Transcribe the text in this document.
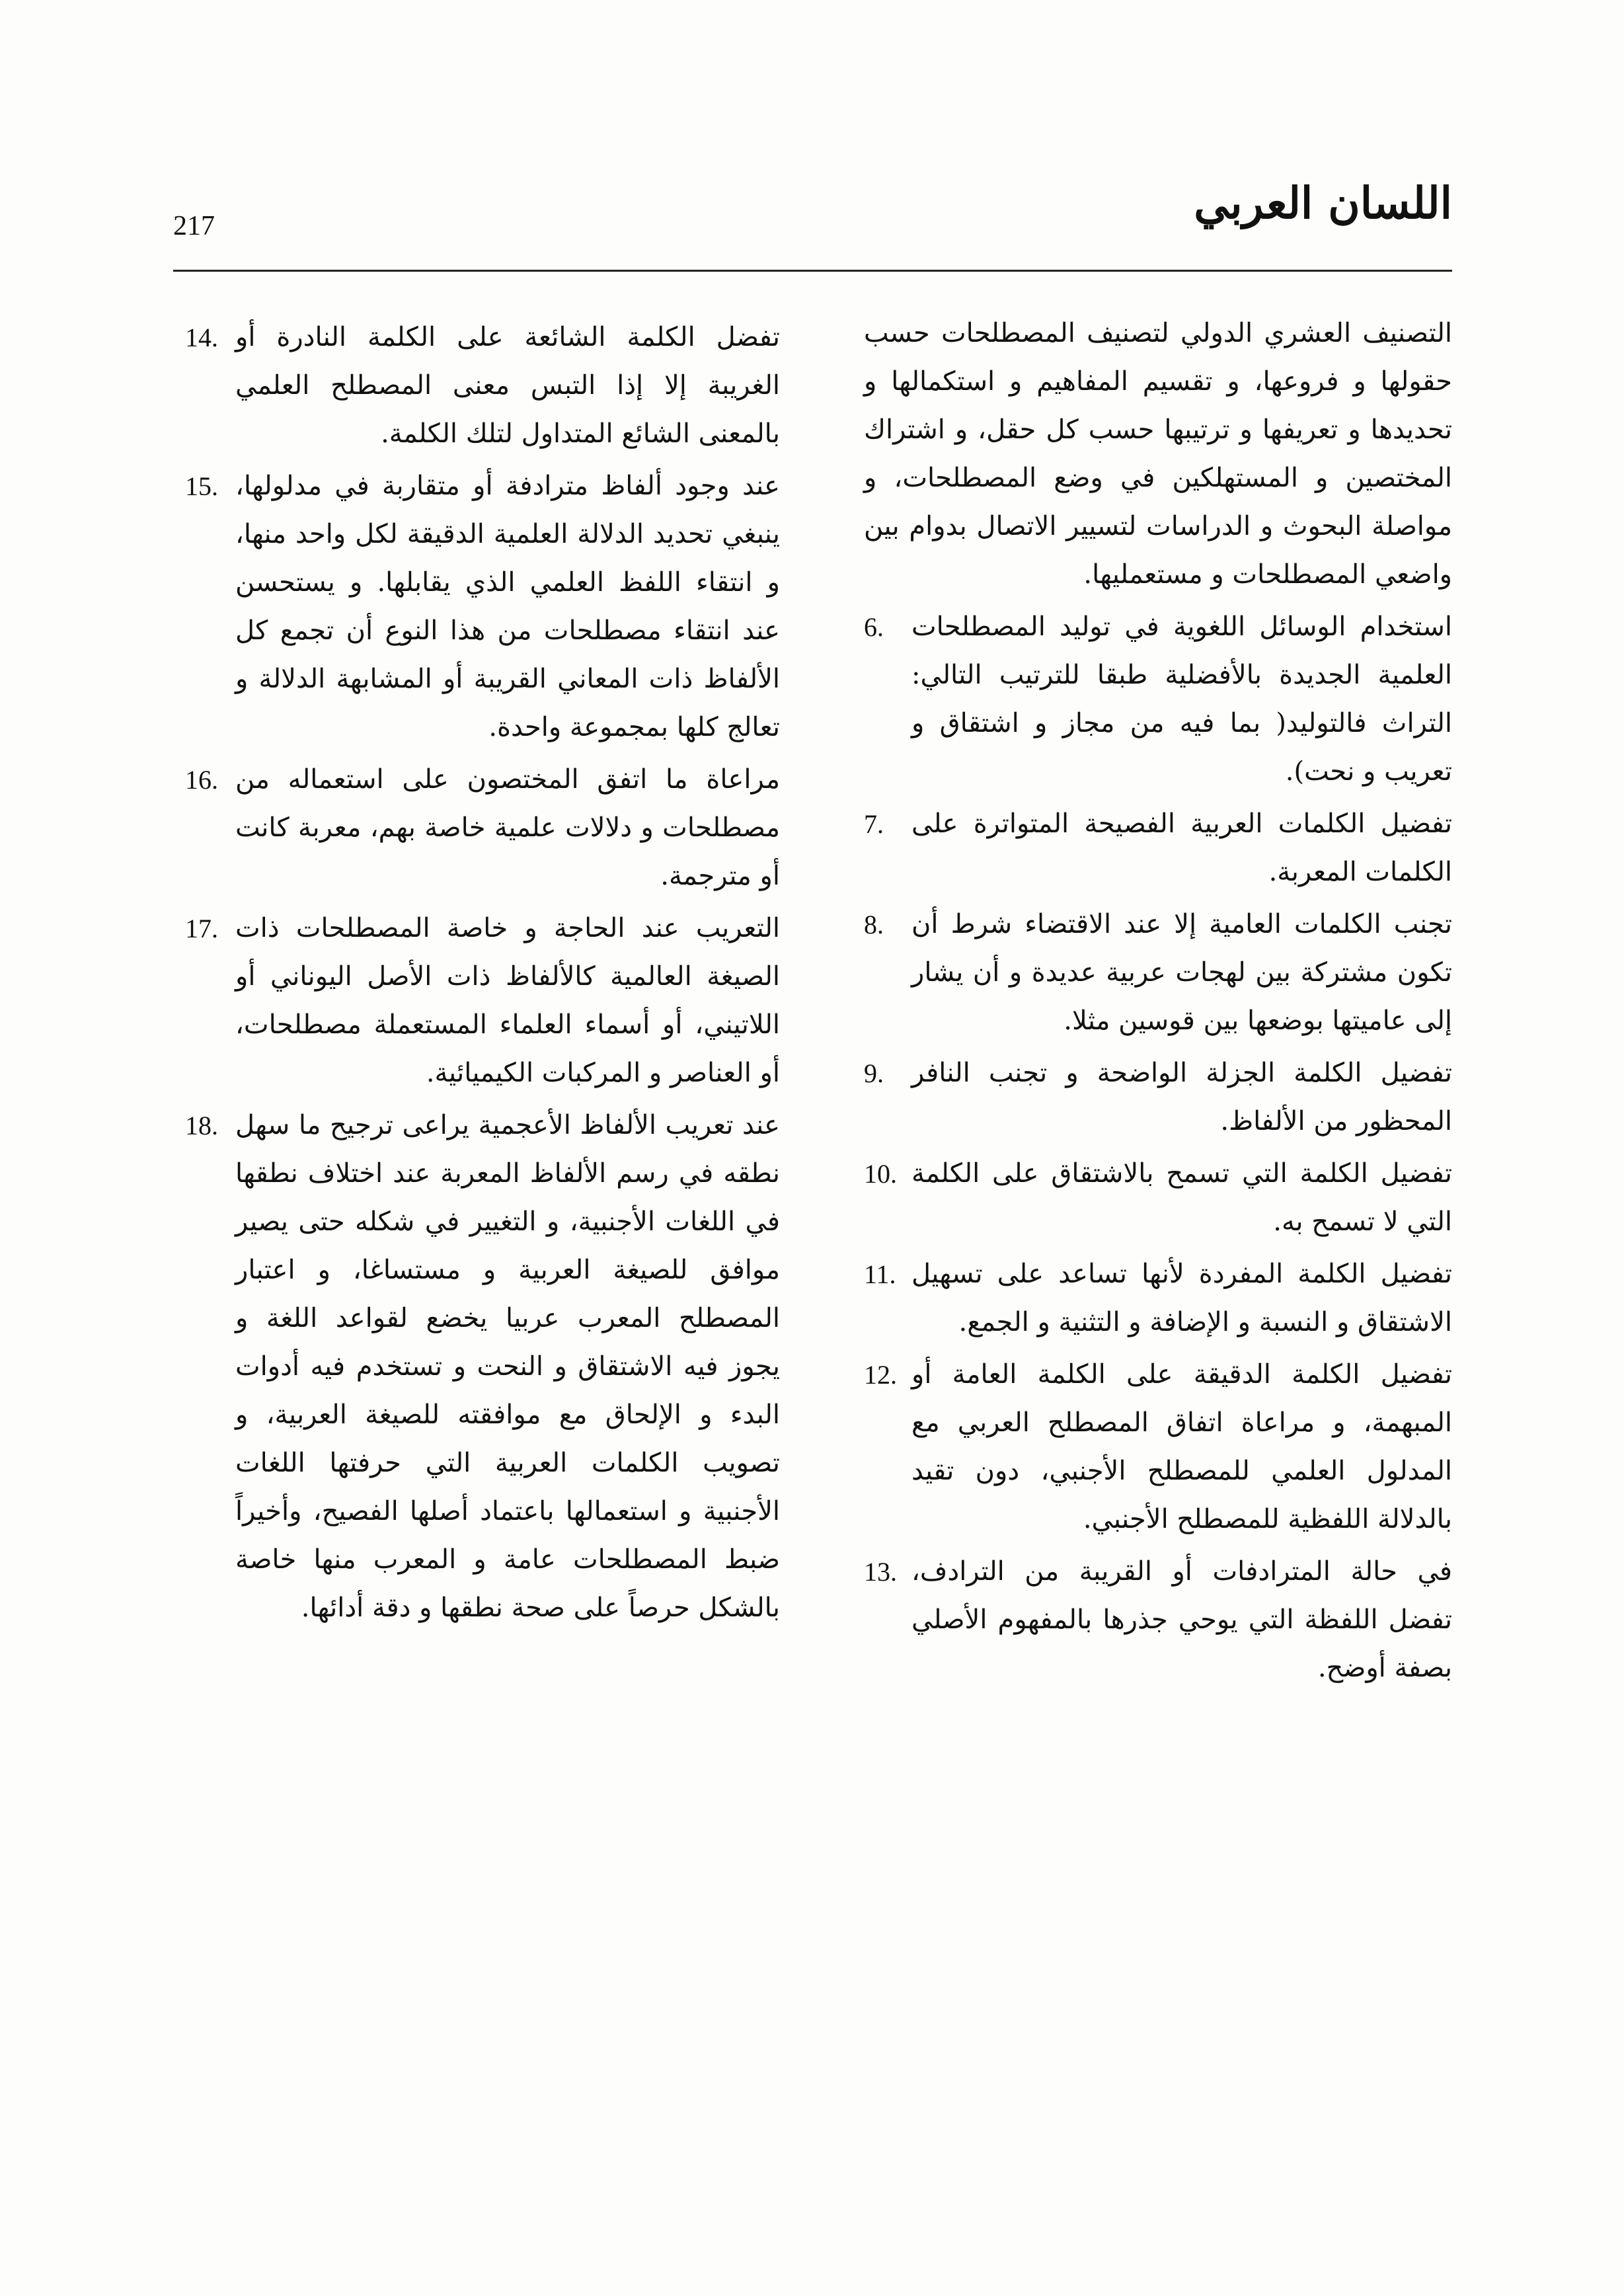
اللسان العربي
217

التصنيف العشري الدولي لتصنيف المصطلحات حسب حقولها و فروعها، و تقسيم المفاهيم و استكمالها و تحديدها و تعريفها و ترتيبها حسب كل حقل، و اشتراك المختصين و المستهلكين في وضع المصطلحات، و مواصلة البحوث و الدراسات لتسيير الاتصال بدوام بين واضعي المصطلحات و مستعمليها.

استخدام الوسائل اللغوية في توليد المصطلحات العلمية الجديدة بالأفضلية طبقا للترتيب التالي: التراث فالتوليد( بما فيه من مجاز و اشتقاق و تعريب و نحت).
6.
تفضيل الكلمات العربية الفصيحة المتواترة على الكلمات المعربة.
7.
تجنب الكلمات العامية إلا عند الاقتضاء شرط أن تكون مشتركة بين لهجات عربية عديدة و أن يشار إلى عاميتها بوضعها بين قوسين مثلا.
8.
تفضيل الكلمة الجزلة الواضحة و تجنب النافر المحظور من الألفاظ.
9.
تفضيل الكلمة التي تسمح بالاشتقاق على الكلمة التي لا تسمح به.
10.
تفضيل الكلمة المفردة لأنها تساعد على تسهيل الاشتقاق و النسبة و الإضافة و التثنية و الجمع.
11.
تفضيل الكلمة الدقيقة على الكلمة العامة أو المبهمة، و مراعاة اتفاق المصطلح العربي مع المدلول العلمي للمصطلح الأجنبي، دون تقيد بالدلالة اللفظية للمصطلح الأجنبي.
12.
في حالة المترادفات أو القريبة من الترادف، تفضل اللفظة التي يوحي جذرها بالمفهوم الأصلي بصفة أوضح.
13.
تفضل الكلمة الشائعة على الكلمة النادرة أو الغريبة إلا إذا التبس معنى المصطلح العلمي بالمعنى الشائع المتداول لتلك الكلمة.
14.
عند وجود ألفاظ مترادفة أو متقاربة في مدلولها، ينبغي تحديد الدلالة العلمية الدقيقة لكل واحد منها، و انتقاء اللفظ العلمي الذي يقابلها. و يستحسن عند انتقاء مصطلحات من هذا النوع أن تجمع كل الألفاظ ذات المعاني القريبة أو المشابهة الدلالة و تعالج كلها بمجموعة واحدة.
15.
مراعاة ما اتفق المختصون على استعماله من مصطلحات و دلالات علمية خاصة بهم، معربة كانت أو مترجمة.
16.
التعريب عند الحاجة و خاصة المصطلحات ذات الصيغة العالمية كالألفاظ ذات الأصل اليوناني أو اللاتيني، أو أسماء العلماء المستعملة مصطلحات، أو العناصر و المركبات الكيميائية.
17.
عند تعريب الألفاظ الأعجمية يراعى ترجيح ما سهل نطقه في رسم الألفاظ المعربة عند اختلاف نطقها في اللغات الأجنبية، و التغيير في شكله حتى يصير موافق للصيغة العربية و مستساغا، و اعتبار المصطلح المعرب عربيا يخضع لقواعد اللغة و يجوز فيه الاشتقاق و النحت و تستخدم فيه أدوات البدء و الإلحاق مع موافقته للصيغة العربية، و تصويب الكلمات العربية التي حرفتها اللغات الأجنبية و استعمالها باعتماد أصلها الفصيح، وأخيراً ضبط المصطلحات عامة و المعرب منها خاصة بالشكل حرصاً على صحة نطقها و دقة أدائها.
18.
